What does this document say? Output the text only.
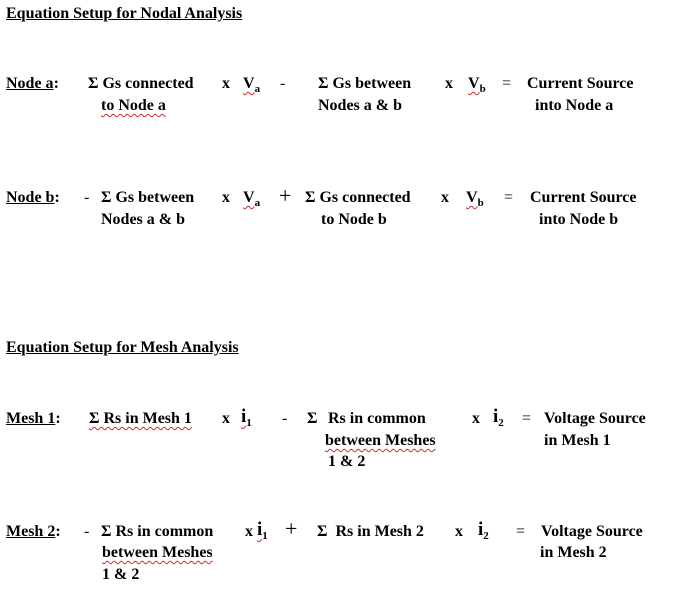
Equation Setup for Nodal Analysis
Node a: Σ Gs connected
to Node a
x $V_a$ - Σ Gs between
Nodes a & b
x $V_b$ = Current Source
into Node a
Node b: - Σ Gs between
Nodes a & b
x $V_a + \Sigma$ Gs connected
to Node b
x $V_b$ = Current Source
into Node b
Equation Setup for Mesh Analysis
Mesh 1: Σ Rs in Mesh 1 x $i_1$ - Σ Rs in common
between Meshes
1 & 2
x $i_2$ = Voltage Source
in Mesh 1
Mesh 2: - Σ Rs in common
between Meshes
1 & 2
x $i_1 + \Sigma$  Rs in Mesh 2 x $i_2$ = Voltage Source
in Mesh 2
